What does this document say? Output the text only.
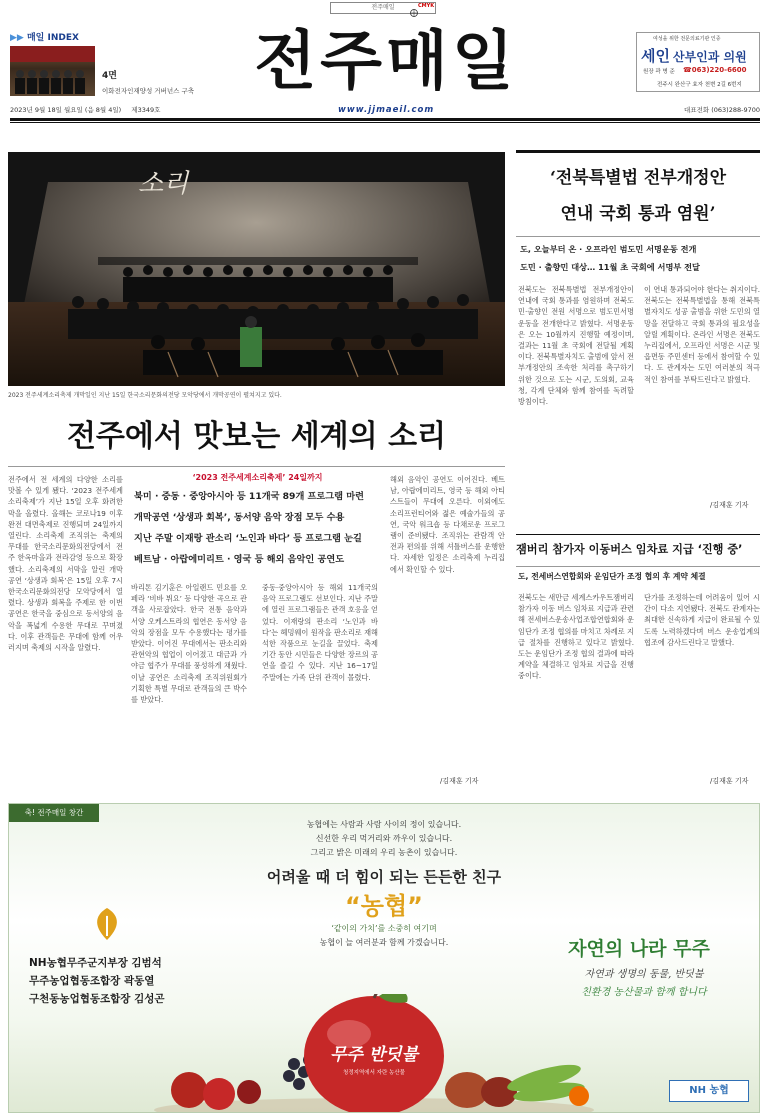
전주매일	CMYK
▶▶ 매일 INDEX
4면
이화전자인재양성 거버넌스 구축 전주매일	여성을 위한 전문의료기관 인증
세인 산부인과 의원
원장 곽 병 준 ☎063)220-6600
전주시 완산구 효자 천변 2길 6번지
2023년 9월 18일 월요일 (음 8월 4일) 제3349호	www.jjmaeil.com	대표전화 (063)288-9700
소리
2023 전주세계소리축제 개막일인 지난 15일 한국소리문화의전당 모악당에서 개막공연이 펼쳐지고 있다.
전주에서 맛보는 세계의 소리
전주에서 전 세계의 다양한 소리를 맛볼 수 있게 됐다. ‘2023 전주세계소리축제’가 지난 15일 오후 화려한 막을 올렸다. 올해는 코로나19 이후 완전 대면축제로 진행되며 24일까지 열린다. 소리축제 조직위는 축제의 무대를 한국소리문화의전당에서 전주 한옥마을과 전라감영 등으로 확장했다. 소리축제의 서막을 알린 개막공연 ‘상생과 회복’은 15일 오후 7시 한국소리문화의전당 모악당에서 열렸다. 상생과 회복을 주제로 한 이번 공연은 한국을 중심으로 동서양의 음악을 폭넓게 수용한 무대로 꾸며졌다. 이후 관객들은 무대에 함께 어우러지며 축제의 시작을 알렸다.
‘2023 전주세계소리축제’ 24일까지
북미 · 중동 · 중앙아시아 등 11개국 89개 프로그램 마련
개막공연 ‘상생과 회복’, 동서양 음악 장점 모두 수용
지난 주말 이재랑 관소리 ‘노인과 바다’ 등 프로그램 눈길
베트남 · 아랍에미리트 · 영국 등 해외 음악인 공연도
바리톤 김기훈은 아일랜드 민요를 오페라 ‘비바 뷔요’ 등 다양한 곡으로 관객을 사로잡았다. 한국 전통 음악과 서양 오케스트라의 협연은 동서양 음악의 장점을 모두 수용했다는 평가를 받았다. 이어진 무대에서는 판소리와 관현악의 협업이 이어졌고 대금과 가야금 협주가 무대를 풍성하게 채웠다. 이날 공연은 소리축제 조직위원회가 기획한 특별 무대로 관객들의 큰 박수를 받았다.
중동·중앙아시아 등 해외 11개국의 음악 프로그램도 선보인다. 지난 주말에 열린 프로그램들은 관객 호응을 얻었다. 이재랑의 판소리 ‘노인과 바다’는 헤밍웨이 원작을 판소리로 재해석한 작품으로 눈길을 끌었다. 축제 기간 동안 시민들은 다양한 장르의 공연을 즐길 수 있다. 지난 16~17일 주말에는 가족 단위 관객이 몰렸다.
해외 음악인 공연도 이어진다. 베트남, 아랍에미리트, 영국 등 해외 아티스트들이 무대에 오른다. 이외에도 소리프런티어와 젊은 예술가들의 공연, 국악 워크숍 등 다채로운 프로그램이 준비됐다. 조직위는 관람객 안전과 편의를 위해 셔틀버스를 운행한다. 자세한 일정은 소리축제 누리집에서 확인할 수 있다.
/김재훈 기자
‘전북특별법 전부개정안
연내 국회 통과 염원’
도, 오늘부터 온 · 오프라인 범도민 서명운동 전개
도민 · 출향민 대상… 11월 초 국회에 서명부 전달
전북도는 전북특별법 전부개정안이 연내에 국회 통과를 염원하며 전북도민·출향인 전원 서명으로 범도민서명운동을 전개한다고 밝혔다. 서명운동은 오는 10월까지 진행할 예정이며, 결과는 11월 초 국회에 전달될 계획이다. 전북특별자치도 출범에 앞서 전부개정안의 조속한 처리를 촉구하기 위한 것으로 도는 시군, 도의회, 교육청, 각계 단체와 함께 참여를 독려할 방침이다.
이 연내 통과되어야 한다는 취지이다. 전북도는 전북특별법을 통해 전북특별자치도 성공 출범을 위한 도민의 열망을 전달하고 국회 통과의 필요성을 알릴 계획이다. 온라인 서명은 전북도 누리집에서, 오프라인 서명은 시군 및 읍면동 주민센터 등에서 참여할 수 있다. 도 관계자는 도민 여러분의 적극적인 참여를 부탁드린다고 밝혔다.
/김재훈 기자
잼버리 참가자 이동버스 임차료 지급 ‘진행 중’
도, 전세버스연합회와 운임단가 조정 협의 후 계약 체결
전북도는 새만금 세계스카우트잼버리 참가자 이동 버스 임차료 지급과 관련해 전세버스운송사업조합연합회와 운임단가 조정 협의를 마치고 차례로 지급 절차를 진행하고 있다고 밝혔다. 도는 운임단가 조정 협의 결과에 따라 계약을 체결하고 임차료 지급을 진행 중이다.
단가를 조정하는데 어려움이 있어 시간이 다소 지연됐다. 전북도 관계자는 최대한 신속하게 지급이 완료될 수 있도록 노력하겠다며 버스 운송업계의 협조에 감사드린다고 말했다.
/김재훈 기자
축! 전주매일 창간
농협에는 사람과 사람 사이의 정이 있습니다.
신선한 우리 먹거리와 까우이 있습니다.
그리고 밝은 미래의 우리 농촌이 있습니다.
어려울 때 더 힘이 되는 든든한 친구
“농협”
‘같이의 가치’를 소중히 여기며
농협이 늘 여러분과 함께 가겠습니다.
NH농협무주군지부장 김범석
무주농업협동조합장 곽동열
구천동농업협동조합장 김성곤
자연의 나라 무주
자연과 생명의 동물, 반딧불
친환경 농산물과 함께 합니다
무주 반딧불
청정지역에서 자란 농산물
NH 농협
